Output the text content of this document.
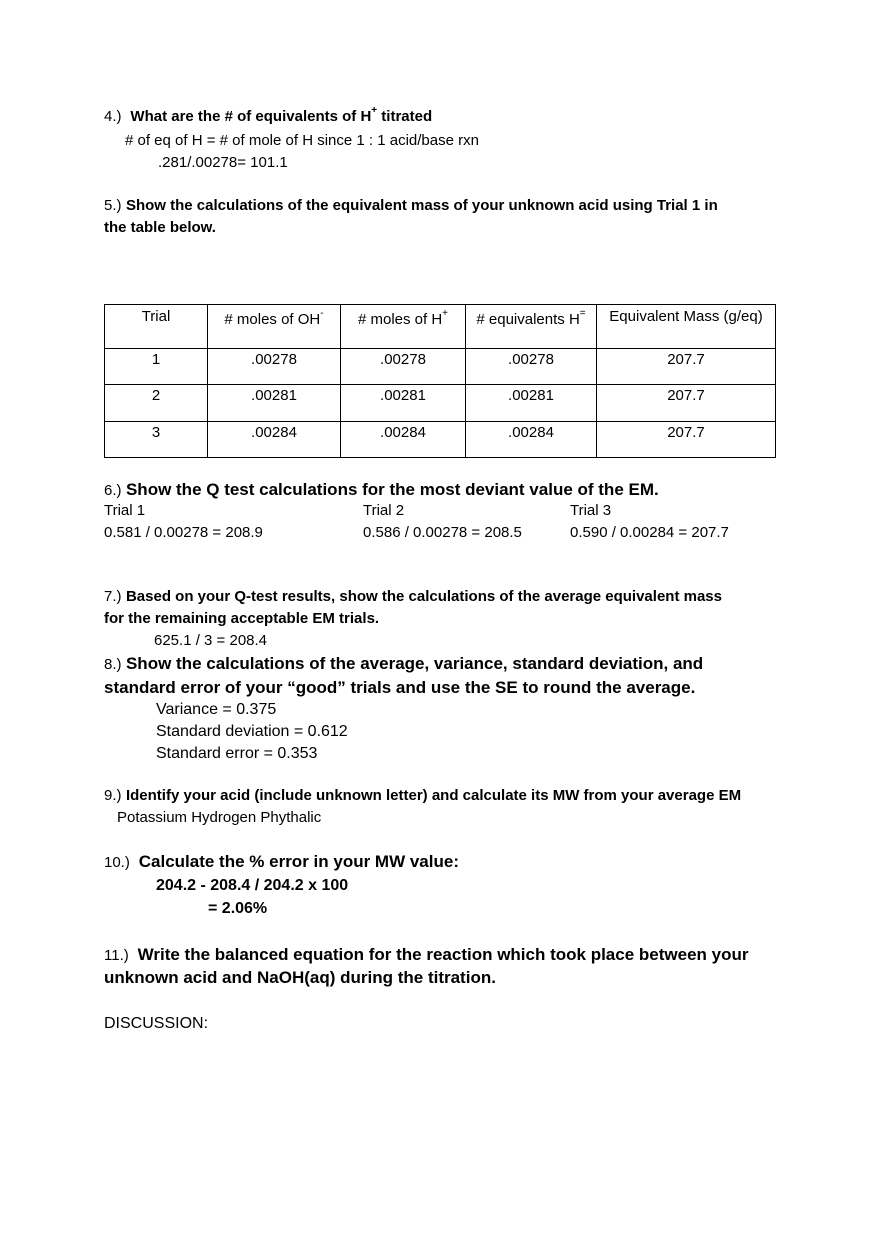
4.) What are the # of equivalents of H+ titrated
# of eq of H = # of mole of H since 1 : 1 acid/base rxn
.281/.00278= 101.1
5.) Show the calculations of the equivalent mass of your unknown acid using Trial 1 in
the table below.
Trial	# moles of OH-	# moles of H+	# equivalents H=	Equivalent Mass (g/eq)
1	.00278	.00278	.00278	207.7
2	.00281	.00281	.00281	207.7
3	.00284	.00284	.00284	207.7
6.) Show the Q test calculations for the most deviant value of the EM.
Trial 1	Trial 2	Trial 3
0.581 / 0.00278 = 208.9	0.586 / 0.00278 = 208.5	0.590 / 0.00284 = 207.7
7.) Based on your Q-test results, show the calculations of the average equivalent mass
for the remaining acceptable EM trials.
625.1 / 3 = 208.4
8.) Show the calculations of the average, variance, standard deviation, and
standard error of your “good” trials and use the SE to round the average.
Variance = 0.375
Standard deviation = 0.612
Standard error = 0.353
9.) Identify your acid (include unknown letter) and calculate its MW from your average EM
Potassium Hydrogen Phythalic
10.) Calculate the % error in your MW value:
204.2 - 208.4 / 204.2 x 100
= 2.06%
11.) Write the balanced equation for the reaction which took place between your
unknown acid and NaOH(aq) during the titration.
DISCUSSION:
